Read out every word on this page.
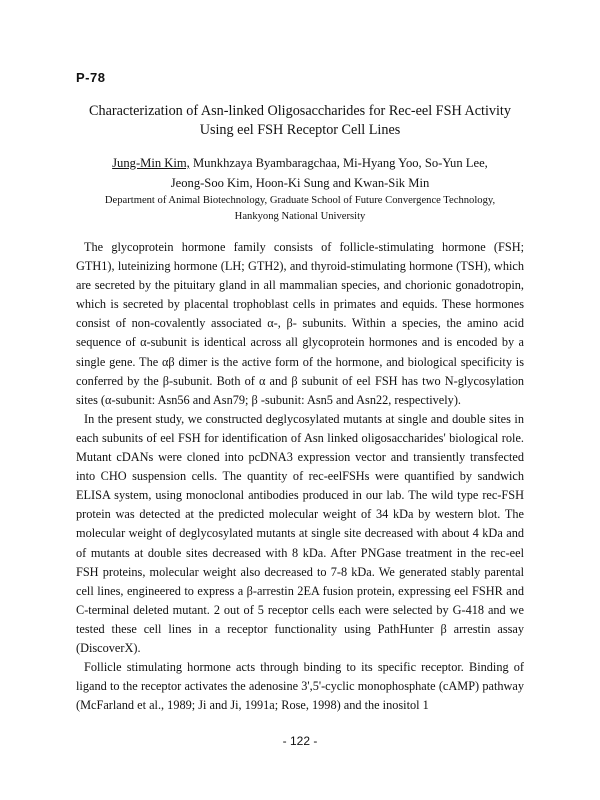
P-78
Characterization of Asn-linked Oligosaccharides for Rec-eel FSH Activity
Using eel FSH Receptor Cell Lines
Jung-Min Kim, Munkhzaya Byambaragchaa, Mi-Hyang Yoo, So-Yun Lee,
Jeong-Soo Kim, Hoon-Ki Sung and Kwan-Sik Min
Department of Animal Biotechnology, Graduate School of Future Convergence Technology,
Hankyong National University

The glycoprotein hormone family consists of follicle-stimulating hormone (FSH; GTH1), luteinizing hormone (LH; GTH2), and thyroid-stimulating hormone (TSH), which are secreted by the pituitary gland in all mammalian species, and chorionic gonadotropin, which is secreted by placental trophoblast cells in primates and equids. These hormones consist of non-covalently associated α-, β- subunits. Within a species, the amino acid sequence of α-subunit is identical across all glycoprotein hormones and is encoded by a single gene. The αβ dimer is the active form of the hormone, and biological specificity is conferred by the β-subunit. Both of α and β subunit of eel FSH has two N-glycosylation sites (α-subunit: Asn56 and Asn79; β -subunit: Asn5 and Asn22, respectively).

In the present study, we constructed deglycosylated mutants at single and double sites in each subunits of eel FSH for identification of Asn linked oligosaccharides' biological role. Mutant cDANs were cloned into pcDNA3 expression vector and transiently transfected into CHO suspension cells. The quantity of rec-eelFSHs were quantified by sandwich ELISA system, using monoclonal antibodies produced in our lab. The wild type rec-FSH protein was detected at the predicted molecular weight of 34 kDa by western blot. The molecular weight of deglycosylated mutants at single site decreased with about 4 kDa and of mutants at double sites decreased with 8 kDa. After PNGase treatment in the rec-eel FSH proteins, molecular weight also decreased to 7-8 kDa. We generated stably parental cell lines, engineered to express a β-arrestin 2EA fusion protein, expressing eel FSHR and C-terminal deleted mutant. 2 out of 5 receptor cells each were selected by G-418 and we tested these cell lines in a receptor functionality using PathHunter β arrestin assay (DiscoverX).

Follicle stimulating hormone acts through binding to its specific receptor. Binding of ligand to the receptor activates the adenosine 3',5'-cyclic monophosphate (cAMP) pathway (McFarland et al., 1989; Ji and Ji, 1991a; Rose, 1998) and the inositol 1

- 122 -
